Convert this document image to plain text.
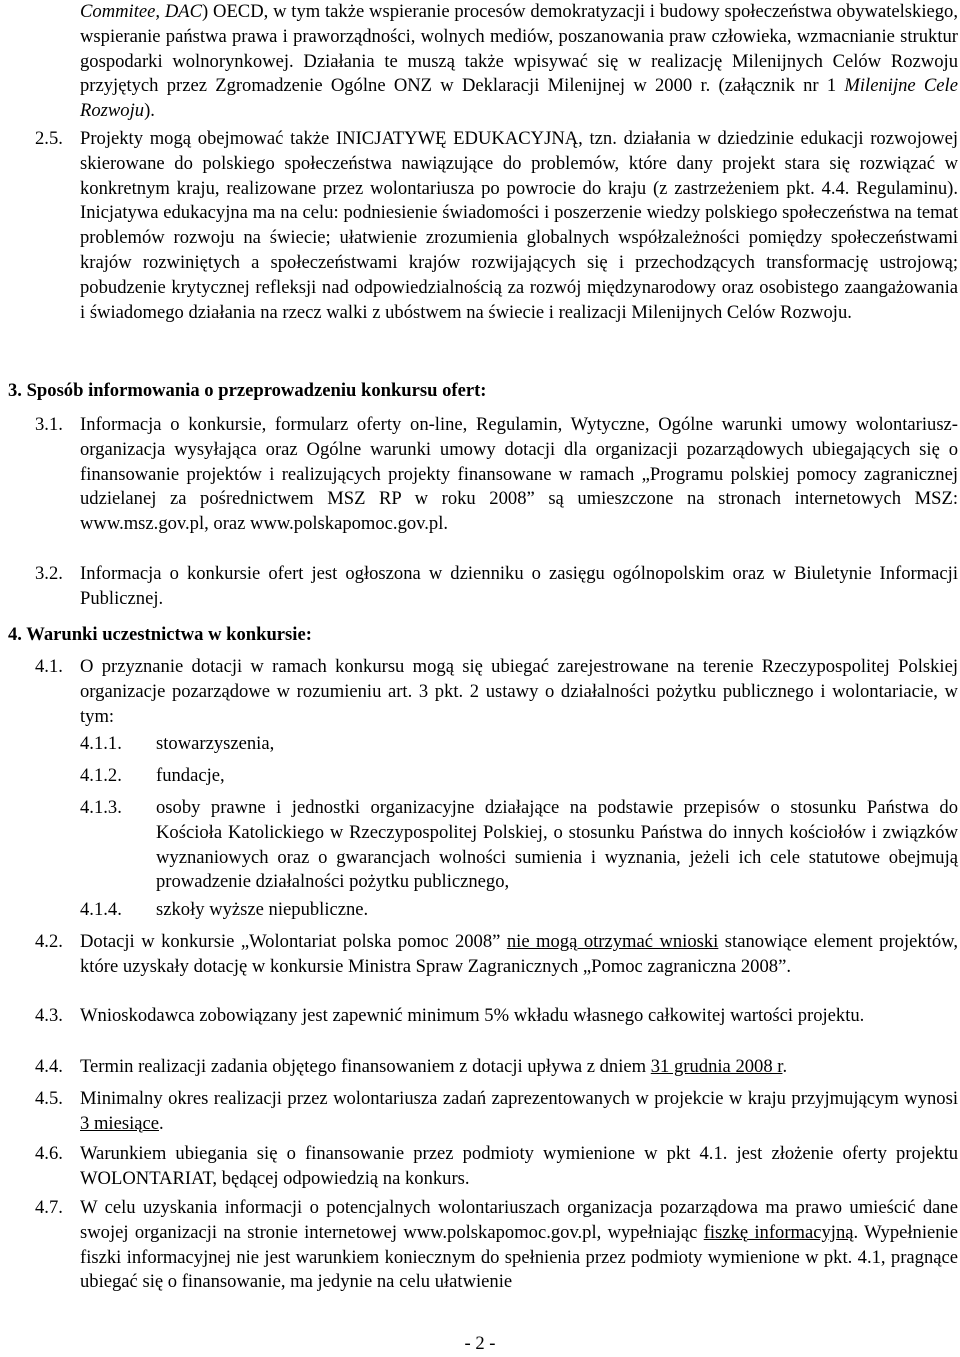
Commitee, DAC) OECD, w tym także wspieranie procesów demokratyzacji i budowy społeczeństwa obywatelskiego, wspieranie państwa prawa i praworządności, wolnych mediów, poszanowania praw człowieka, wzmacnianie struktur gospodarki wolnorynkowej. Działania te muszą także wpisywać się w realizację Milenijnych Celów Rozwoju przyjętych przez Zgromadzenie Ogólne ONZ w Deklaracji Milenijnej w 2000 r. (załącznik nr 1 Milenijne Cele Rozwoju).
2.5. Projekty mogą obejmować także INICJATYWĘ EDUKACYJNĄ, tzn. działania w dziedzinie edukacji rozwojowej skierowane do polskiego społeczeństwa nawiązujące do problemów, które dany projekt stara się rozwiązać w konkretnym kraju, realizowane przez wolontariusza po powrocie do kraju (z zastrzeżeniem pkt. 4.4. Regulaminu). Inicjatywa edukacyjna ma na celu: podniesienie świadomości i poszerzenie wiedzy polskiego społeczeństwa na temat problemów rozwoju na świecie; ułatwienie zrozumienia globalnych współzależności pomiędzy społeczeństwami krajów rozwiniętych a społeczeństwami krajów rozwijających się i przechodzących transformację ustrojową; pobudzenie krytycznej refleksji nad odpowiedzialnością za rozwój międzynarodowy oraz osobistego zaangażowania i świadomego działania na rzecz walki z ubóstwem na świecie i realizacji Milenijnych Celów Rozwoju.
3. Sposób informowania o przeprowadzeniu konkursu ofert:
3.1. Informacja o konkursie, formularz oferty on-line, Regulamin, Wytyczne, Ogólne warunki umowy wolontariusz-organizacja wysyłająca oraz Ogólne warunki umowy dotacji dla organizacji pozarządowych ubiegających się o finansowanie projektów i realizujących projekty finansowane w ramach „Programu polskiej pomocy zagranicznej udzielanej za pośrednictwem MSZ RP w roku 2008” są umieszczone na stronach internetowych MSZ: www.msz.gov.pl, oraz www.polskapomoc.gov.pl.
3.2. Informacja o konkursie ofert jest ogłoszona w dzienniku o zasięgu ogólnopolskim oraz w Biuletynie Informacji Publicznej.
4. Warunki uczestnictwa w konkursie:
4.1. O przyznanie dotacji w ramach konkursu mogą się ubiegać zarejestrowane na terenie Rzeczypospolitej Polskiej organizacje pozarządowe w rozumieniu art. 3 pkt. 2 ustawy o działalności pożytku publicznego i wolontariacie, w tym:
4.1.1. stowarzyszenia,
4.1.2. fundacje,
4.1.3. osoby prawne i jednostki organizacyjne działające na podstawie przepisów o stosunku Państwa do Kościoła Katolickiego w Rzeczypospolitej Polskiej, o stosunku Państwa do innych kościołów i związków wyznaniowych oraz o gwarancjach wolności sumienia i wyznania, jeżeli ich cele statutowe obejmują prowadzenie działalności pożytku publicznego,
4.1.4. szkoły wyższe niepubliczne.
4.2. Dotacji w konkursie „Wolontariat polska pomoc 2008” nie mogą otrzymać wnioski stanowiące element projektów, które uzyskały dotację w konkursie Ministra Spraw Zagranicznych „Pomoc zagraniczna 2008”.
4.3. Wnioskodawca zobowiązany jest zapewnić minimum 5% wkładu własnego całkowitej wartości projektu.
4.4. Termin realizacji zadania objętego finansowaniem z dotacji upływa z dniem 31 grudnia 2008 r.
4.5. Minimalny okres realizacji przez wolontariusza zadań zaprezentowanych w projekcie w kraju przyjmującym wynosi 3 miesiące.
4.6. Warunkiem ubiegania się o finansowanie przez podmioty wymienione w pkt 4.1. jest złożenie oferty projektu WOLONTARIAT, będącej odpowiedzią na konkurs.
4.7. W celu uzyskania informacji o potencjalnych wolontariuszach organizacja pozarządowa ma prawo umieścić dane swojej organizacji na stronie internetowej www.polskapomoc.gov.pl, wypełniając fiszkę informacyjną. Wypełnienie fiszki informacyjnej nie jest warunkiem koniecznym do spełnienia przez podmioty wymienione w pkt. 4.1, pragnące ubiegać się o finansowanie, ma jedynie na celu ułatwienie
- 2 -
